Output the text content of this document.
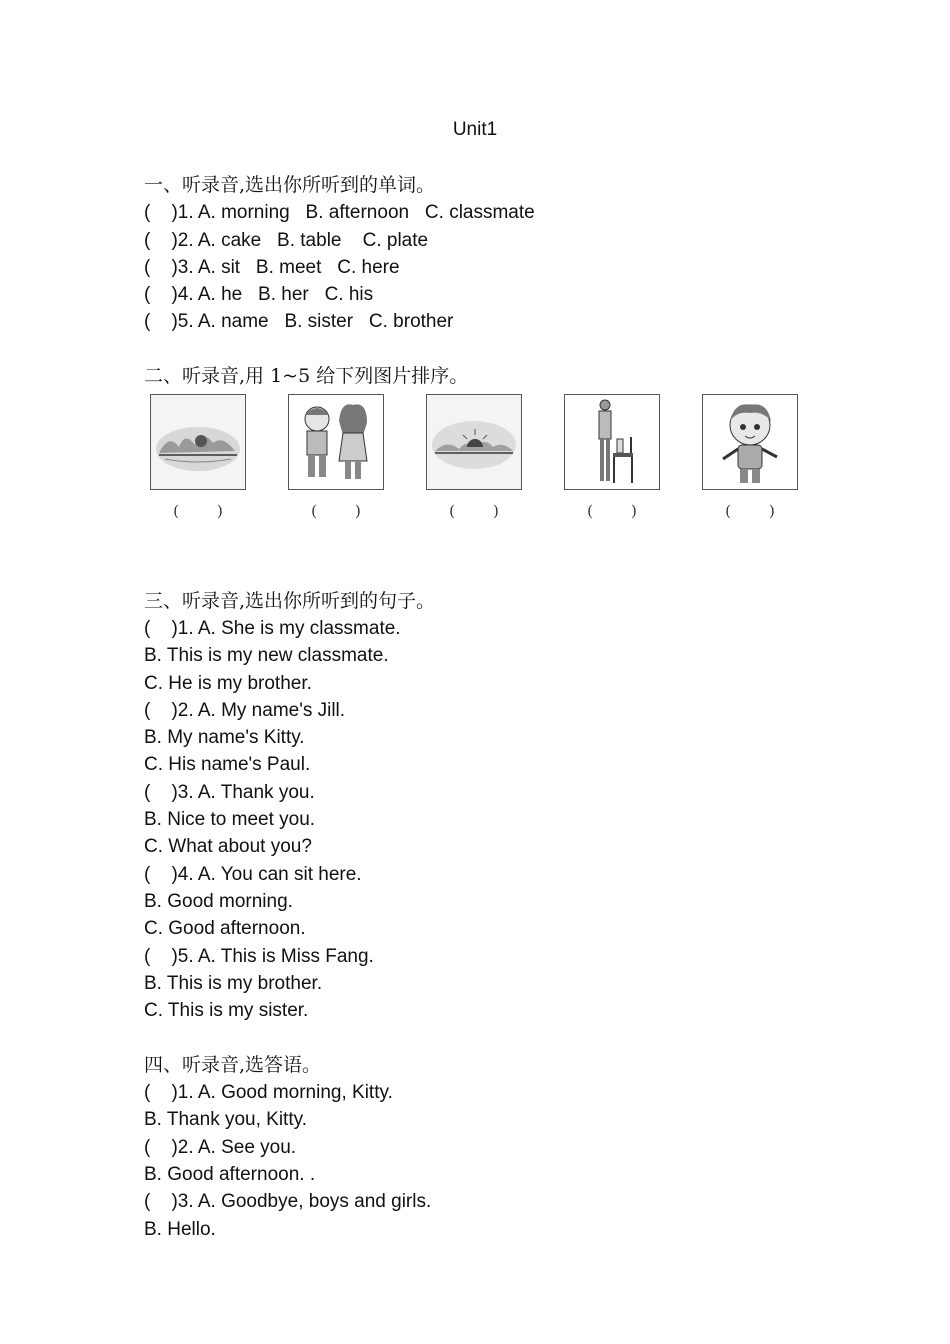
Unit1
一、听录音,选出你所听到的单词。
(    )1. A. morning   B. afternoon   C. classmate
(    )2. A. cake   B. table    C. plate
(    )3. A. sit   B. meet   C. here
(    )4. A. he   B. her   C. his
(    )5. A. name   B. sister   C. brother
二、听录音,用 1~5 给下列图片排序。
(        )	(        )	(        )	(        )	(        )
三、听录音,选出你所听到的句子。
(    )1. A. She is my classmate.
B. This is my new classmate.
C. He is my brother.
(    )2. A. My name's Jill.
B. My name's Kitty.
C. His name's Paul.
(    )3. A. Thank you.
B. Nice to meet you.
C. What about you?
(    )4. A. You can sit here.
B. Good morning.
C. Good afternoon.
(    )5. A. This is Miss Fang.
B. This is my brother.
C. This is my sister.
四、听录音,选答语。
(    )1. A. Good morning, Kitty.
B. Thank you, Kitty.
(    )2. A. See you.
B. Good afternoon. .
(    )3. A. Goodbye, boys and girls.
B. Hello.
